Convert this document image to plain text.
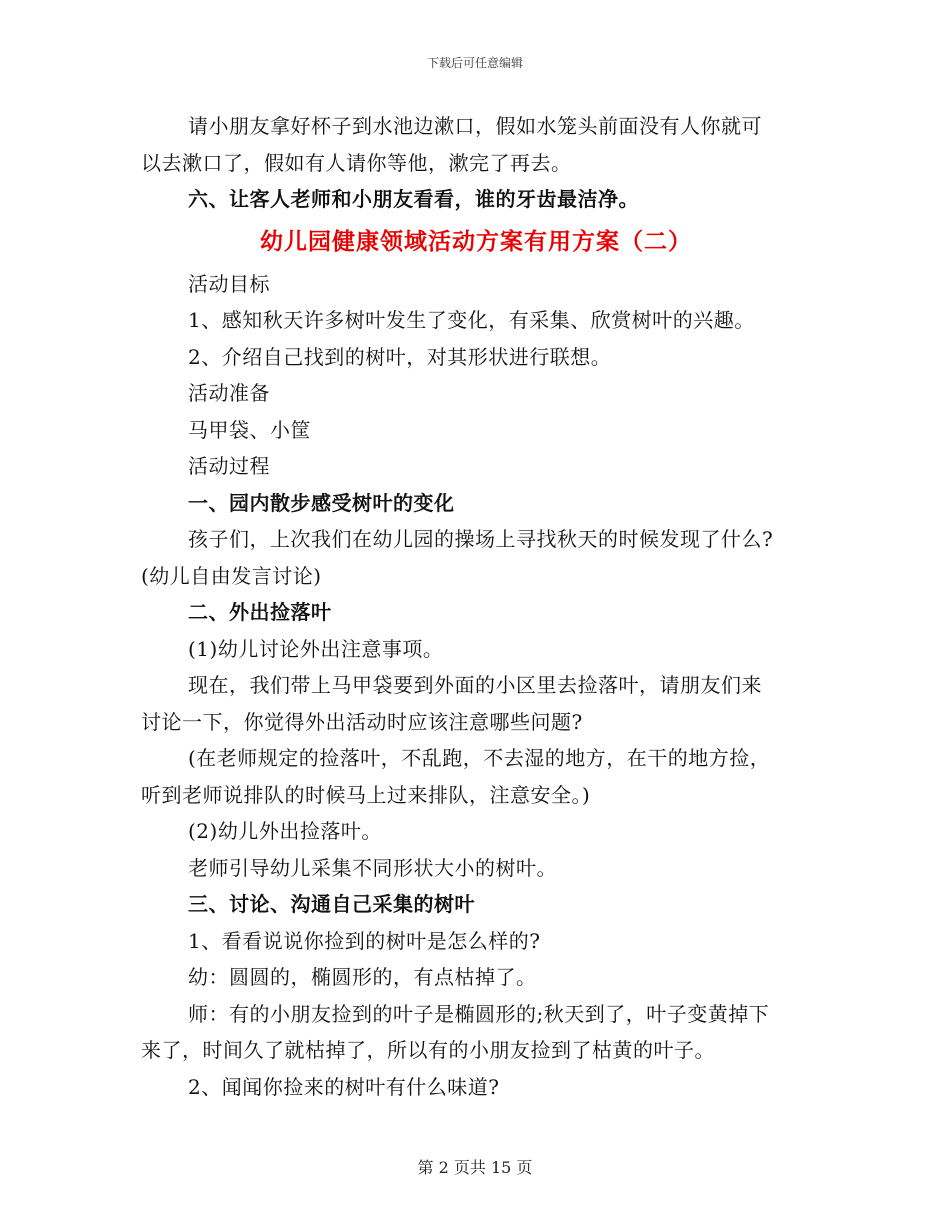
下载后可任意编辑

请小朋友拿好杯子到水池边漱口，假如水笼头前面没有人你就可

以去漱口了，假如有人请你等他，漱完了再去。

六、让客人老师和小朋友看看，谁的牙齿最洁净。

幼儿园健康领域活动方案有用方案（二）

活动目标

1、感知秋天许多树叶发生了变化，有采集、欣赏树叶的兴趣。

2、介绍自己找到的树叶，对其形状进行联想。

活动准备

马甲袋、小筐

活动过程

一、园内散步感受树叶的变化

孩子们，上次我们在幼儿园的操场上寻找秋天的时候发现了什么?

(幼儿自由发言讨论)

二、外出捡落叶

(1)幼儿讨论外出注意事项。

现在，我们带上马甲袋要到外面的小区里去捡落叶，请朋友们来

讨论一下，你觉得外出活动时应该注意哪些问题?

(在老师规定的捡落叶，不乱跑，不去湿的地方，在干的地方捡，

听到老师说排队的时候马上过来排队，注意安全。)

(2)幼儿外出捡落叶。

老师引导幼儿采集不同形状大小的树叶。

三、讨论、沟通自己采集的树叶

1、看看说说你捡到的树叶是怎么样的?

幼：圆圆的，椭圆形的，有点枯掉了。

师：有的小朋友捡到的叶子是椭圆形的;秋天到了，叶子变黄掉下

来了，时间久了就枯掉了，所以有的小朋友捡到了枯黄的叶子。

2、闻闻你捡来的树叶有什么味道?

第 2 页共 15 页
